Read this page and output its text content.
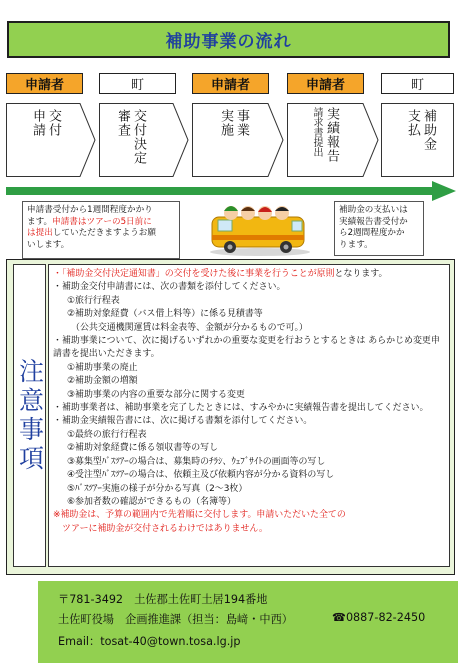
補助事業の流れ
申請者	町	申請者	申請者	町
交付
申請	交付決定
審査	事業
実施	実績報告
請求書提出	補助金
支払
申請書受付から1週間程度かかり
ます。申請書はツアーの5日前に
は提出していただきますようお願
いします。
補助金の支払いは
実績報告書受付か
ら2週間程度かか
ります。
注意事項
・「補助金交付決定通知書」の交付を受けた後に事業を行うことが原則となります。
・補助金交付申請書には、次の書類を添付してください。
①旅行行程表
②補助対象経費（バス借上料等）に係る見積書等
（公共交通機関運賃は料金表等、金額が分かるもので可。）
・補助事業について、次に掲げるいずれかの重要な変更を行おうとするときは あらかじめ変更申請書を提出いただきます。
①補助事業の廃止
②補助金額の増額
③補助事業の内容の重要な部分に関する変更
・補助事業者は、補助事業を完了したときには、すみやかに実績報告書を提出してください。
・補助金実績報告書には、次に掲げる書類を添付してください。
①最終の旅行行程表
②補助対象経費に係る領収書等の写し
③募集型ﾊﾞｽﾂｱｰの場合は、募集時のﾁﾗｼ、ｳｪﾌﾞｻｲﾄの画面等の写し
④受注型ﾊﾞｽﾂｱｰの場合は、依頼主及び依頼内容が分かる資料の写し
⑤ﾊﾞｽﾂｱｰ実施の様子が分かる写真（2～3枚）
⑥参加者数の確認ができるもの（名簿等）
※補助金は、予算の範囲内で先着順に交付します。申請いただいた全ての
ツアーに補助金が交付されるわけではありません。
〒781-3492　土佐郡土佐町土居194番地
土佐町役場　企画推進課（担当：島﨑・中西）	☎0887-82-2450
Email：tosat-40@town.tosa.lg.jp
